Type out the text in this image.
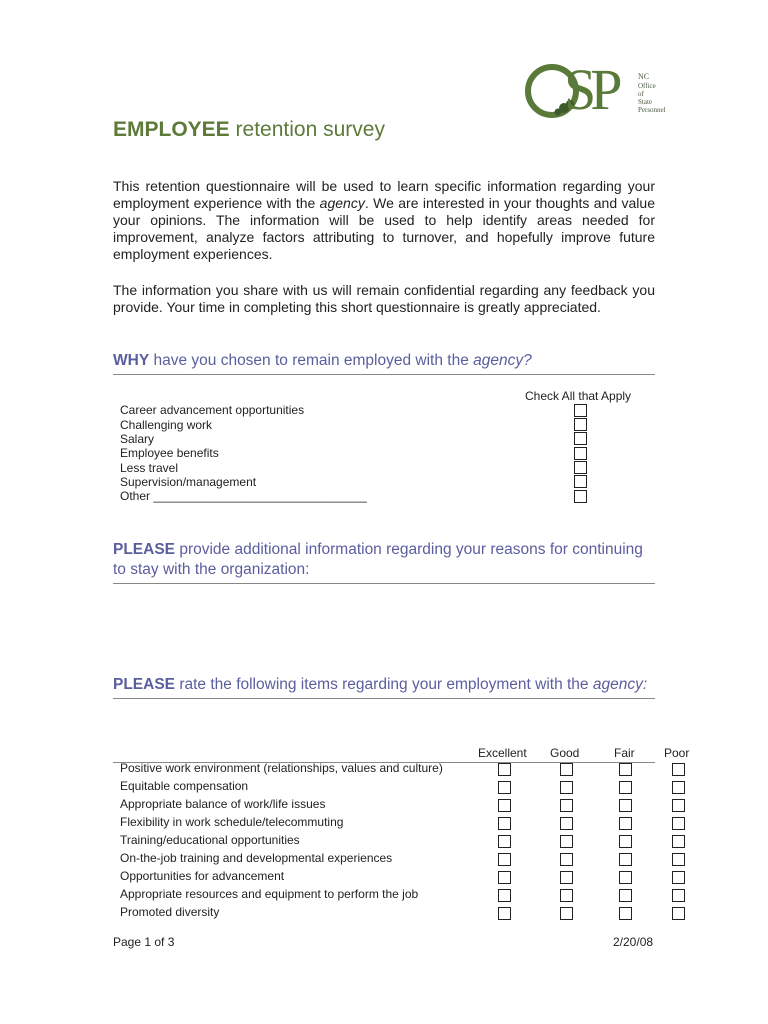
SP	NC
Office
of
State
Personnel
EMPLOYEE retention survey
This retention questionnaire will be used to learn specific information regarding your employment experience with the agency. We are interested in your thoughts and value your opinions. The information will be used to help identify areas needed for improvement, analyze factors attributing to turnover, and hopefully improve future employment experiences.
The information you share with us will remain confidential regarding any feedback you provide. Your time in completing this short questionnaire is greatly appreciated.
WHY have you chosen to remain employed with the agency?
Check All that Apply
Career advancement opportunities
Challenging work
Salary
Employee benefits
Less travel
Supervision/management
Other ________________________________
PLEASE provide additional information regarding your reasons for continuing to stay with the organization:
PLEASE rate the following items regarding your employment with the agency:
Excellent Good	Fair Poor
Positive work environment (relationships, values and culture)
Equitable compensation
Appropriate balance of work/life issues
Flexibility in work schedule/telecommuting
Training/educational opportunities
On-the-job training and developmental experiences
Opportunities for advancement
Appropriate resources and equipment to perform the job
Promoted diversity
Page 1 of 3	2/20/08
